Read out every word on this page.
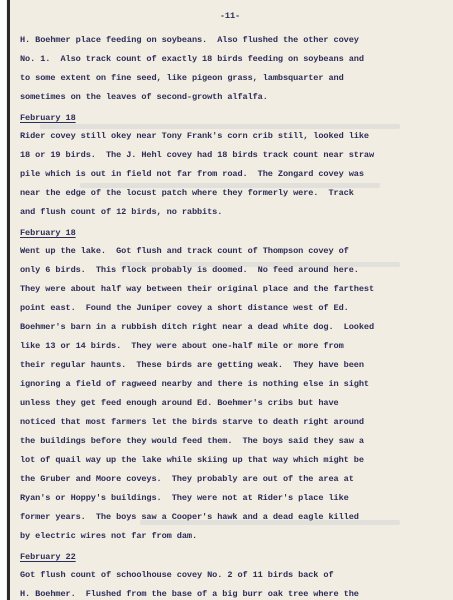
-11-

H. Boehmer place feeding on soybeans.  Also flushed the other covey
No. 1.  Also track count of exactly 18 birds feeding on soybeans and
to some extent on fine seed, like pigeon grass, lambsquarter and
sometimes on the leaves of second-growth alfalfa.

February 18

Rider covey still okey near Tony Frank's corn crib still, looked like
18 or 19 birds.  The J. Hehl covey had 18 birds track count near straw
pile which is out in field not far from road.  The Zongard covey was
near the edge of the locust patch where they formerly were.  Track
and flush count of 12 birds, no rabbits.

February 18

Went up the lake.  Got flush and track count of Thompson covey of
only 6 birds.  This flock probably is doomed.  No feed around here.
They were about half way between their original place and the farthest
point east.  Found the Juniper covey a short distance west of Ed.
Boehmer's barn in a rubbish ditch right near a dead white dog.  Looked
like 13 or 14 birds.  They were about one-half mile or more from
their regular haunts.  These birds are getting weak.  They have been
ignoring a field of ragweed nearby and there is nothing else in sight
unless they get feed enough around Ed. Boehmer's cribs but have
noticed that most farmers let the birds starve to death right around
the buildings before they would feed them.  The boys said they saw a
lot of quail way up the lake while skiing up that way which might be
the Gruber and Moore coveys.  They probably are out of the area at
Ryan's or Hoppy's buildings.  They were not at Rider's place like
former years.  The boys saw a Cooper's hawk and a dead eagle killed
by electric wires not far from dam.

February 22

Got flush count of schoolhouse covey No. 2 of 11 birds back of
H. Boehmer.  Flushed from the base of a big burr oak tree where the
